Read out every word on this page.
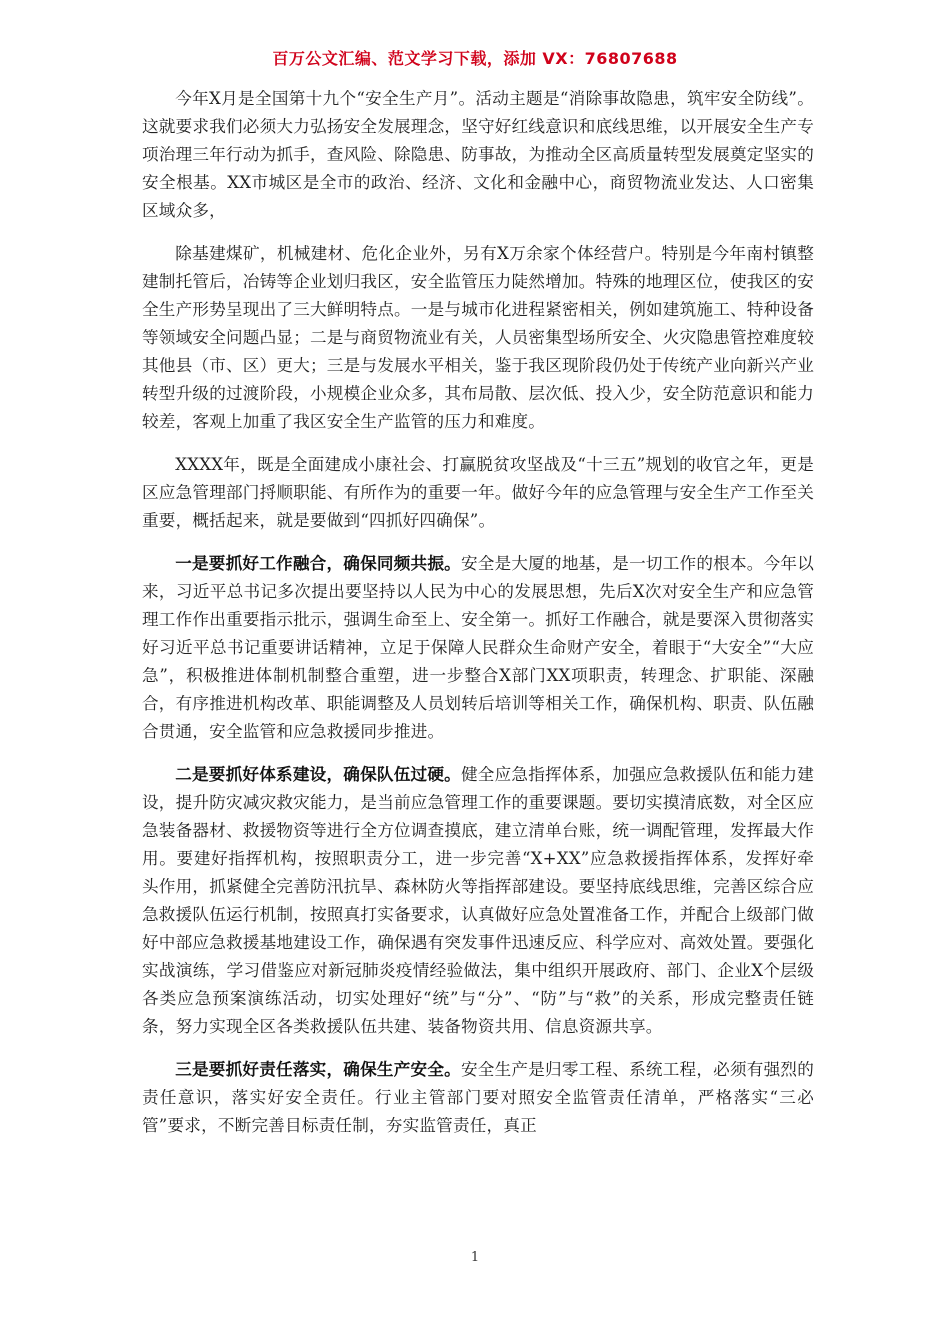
百万公文汇编、范文学习下载，添加 VX：76807688

今年X月是全国第十九个“安全生产月”。活动主题是“消除事故隐患，筑牢安全防线”。这就要求我们必须大力弘扬安全发展理念，坚守好红线意识和底线思维，以开展安全生产专项治理三年行动为抓手，查风险、除隐患、防事故，为推动全区高质量转型发展奠定坚实的安全根基。XX市城区是全市的政治、经济、文化和金融中心，商贸物流业发达、人口密集区域众多，

除基建煤矿，机械建材、危化企业外，另有X万余家个体经营户。特别是今年南村镇整建制托管后，冶铸等企业划归我区，安全监管压力陡然增加。特殊的地理区位，使我区的安全生产形势呈现出了三大鲜明特点。一是与城市化进程紧密相关，例如建筑施工、特种设备等领域安全问题凸显；二是与商贸物流业有关，人员密集型场所安全、火灾隐患管控难度较其他县（市、区）更大；三是与发展水平相关，鉴于我区现阶段仍处于传统产业向新兴产业转型升级的过渡阶段，小规模企业众多，其布局散、层次低、投入少，安全防范意识和能力较差，客观上加重了我区安全生产监管的压力和难度。

XXXX年，既是全面建成小康社会、打赢脱贫攻坚战及“十三五”规划的收官之年，更是区应急管理部门捋顺职能、有所作为的重要一年。做好今年的应急管理与安全生产工作至关重要，概括起来，就是要做到“四抓好四确保”。

一是要抓好工作融合，确保同频共振。安全是大厦的地基，是一切工作的根本。今年以来，习近平总书记多次提出要坚持以人民为中心的发展思想，先后X次对安全生产和应急管理工作作出重要指示批示，强调生命至上、安全第一。抓好工作融合，就是要深入贯彻落实好习近平总书记重要讲话精神，立足于保障人民群众生命财产安全，着眼于“大安全”“大应急”，积极推进体制机制整合重塑，进一步整合X部门XX项职责，转理念、扩职能、深融合，有序推进机构改革、职能调整及人员划转后培训等相关工作，确保机构、职责、队伍融合贯通，安全监管和应急救援同步推进。

二是要抓好体系建设，确保队伍过硬。健全应急指挥体系，加强应急救援队伍和能力建设，提升防灾减灾救灾能力，是当前应急管理工作的重要课题。要切实摸清底数，对全区应急装备器材、救援物资等进行全方位调查摸底，建立清单台账，统一调配管理，发挥最大作用。要建好指挥机构，按照职责分工，进一步完善“X+XX”应急救援指挥体系，发挥好牵头作用，抓紧健全完善防汛抗旱、森林防火等指挥部建设。要坚持底线思维，完善区综合应急救援队伍运行机制，按照真打实备要求，认真做好应急处置准备工作，并配合上级部门做好中部应急救援基地建设工作，确保遇有突发事件迅速反应、科学应对、高效处置。要强化实战演练，学习借鉴应对新冠肺炎疫情经验做法，集中组织开展政府、部门、企业X个层级各类应急预案演练活动，切实处理好“统”与“分”、“防”与“救”的关系，形成完整责任链条，努力实现全区各类救援队伍共建、装备物资共用、信息资源共享。

三是要抓好责任落实，确保生产安全。安全生产是归零工程、系统工程，必须有强烈的责任意识，落实好安全责任。行业主管部门要对照安全监管责任清单，严格落实“三必管”要求，不断完善目标责任制，夯实监管责任，真正

1
